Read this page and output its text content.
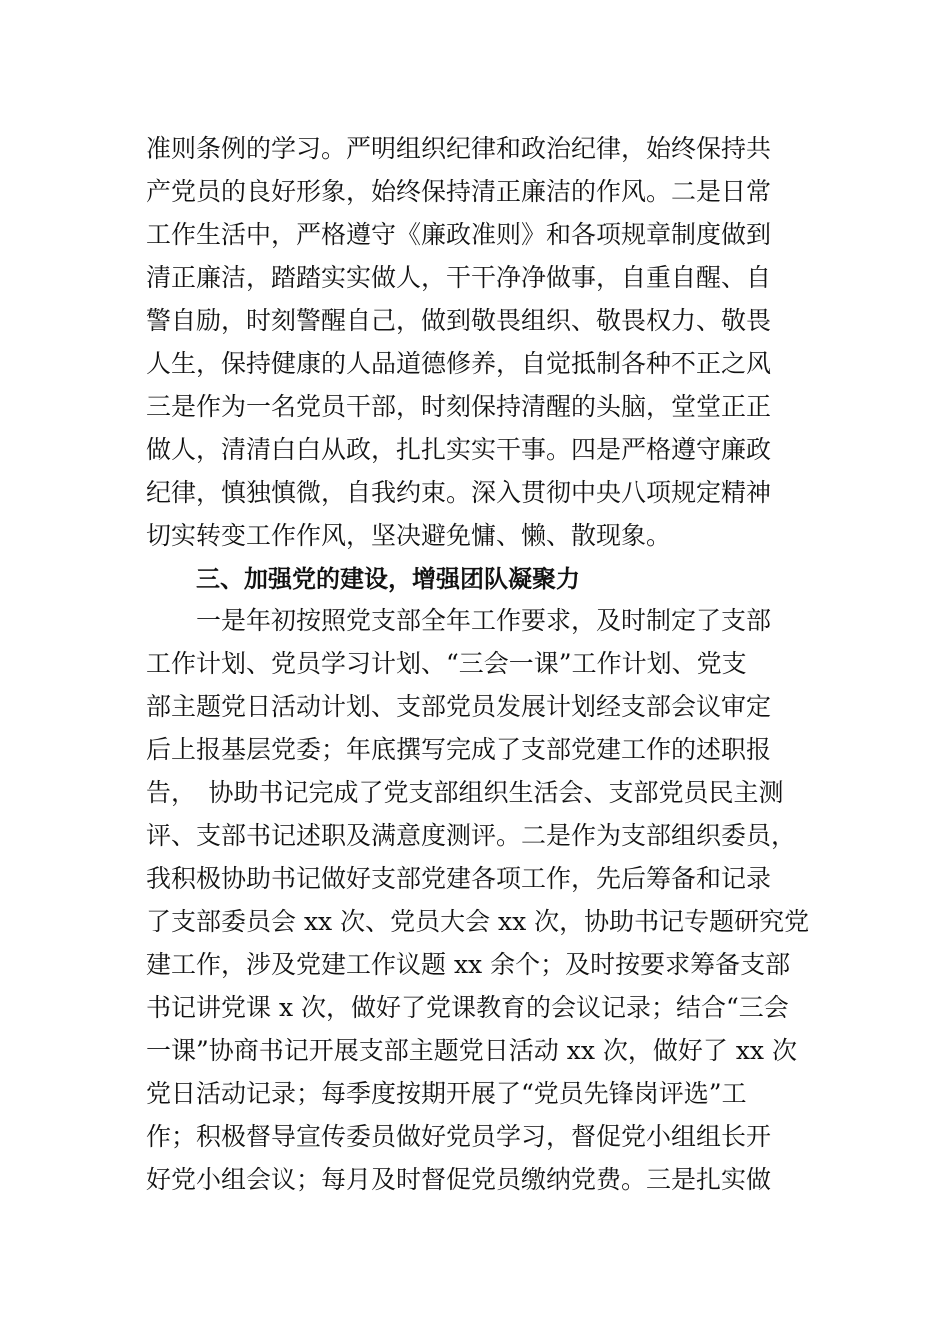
准则条例的学习。严明组织纪律和政治纪律，始终保持共
产党员的良好形象，始终保持清正廉洁的作风。二是日常
工作生活中，严格遵守《廉政准则》和各项规章制度做到
清正廉洁，踏踏实实做人，干干净净做事，自重自醒、自
警自励，时刻警醒自己，做到敬畏组织、敬畏权力、敬畏
人生，保持健康的人品道德修养，自觉抵制各种不正之风
三是作为一名党员干部，时刻保持清醒的头脑，堂堂正正
做人，清清白白从政，扎扎实实干事。四是严格遵守廉政
纪律，慎独慎微，自我约束。深入贯彻中央八项规定精神
切实转变工作作风，坚决避免慵、懒、散现象。
三、加强党的建设，增强团队凝聚力
　　一是年初按照党支部全年工作要求，及时制定了支部
工作计划、党员学习计划、“三会一课”工作计划、党支
部主题党日活动计划、支部党员发展计划经支部会议审定
后上报基层党委；年底撰写完成了支部党建工作的述职报
告，　协助书记完成了党支部组织生活会、支部党员民主测
评、支部书记述职及满意度测评。二是作为支部组织委员，
我积极协助书记做好支部党建各项工作，先后筹备和记录
了支部委员会 xx 次、党员大会 xx 次，协助书记专题研究党
建工作，涉及党建工作议题 xx 余个；及时按要求筹备支部
书记讲党课 x 次，做好了党课教育的会议记录；结合“三会
一课”协商书记开展支部主题党日活动 xx 次，做好了 xx 次
党日活动记录；每季度按期开展了“党员先锋岗评选”工
作；积极督导宣传委员做好党员学习，督促党小组组长开
好党小组会议；每月及时督促党员缴纳党费。三是扎实做
